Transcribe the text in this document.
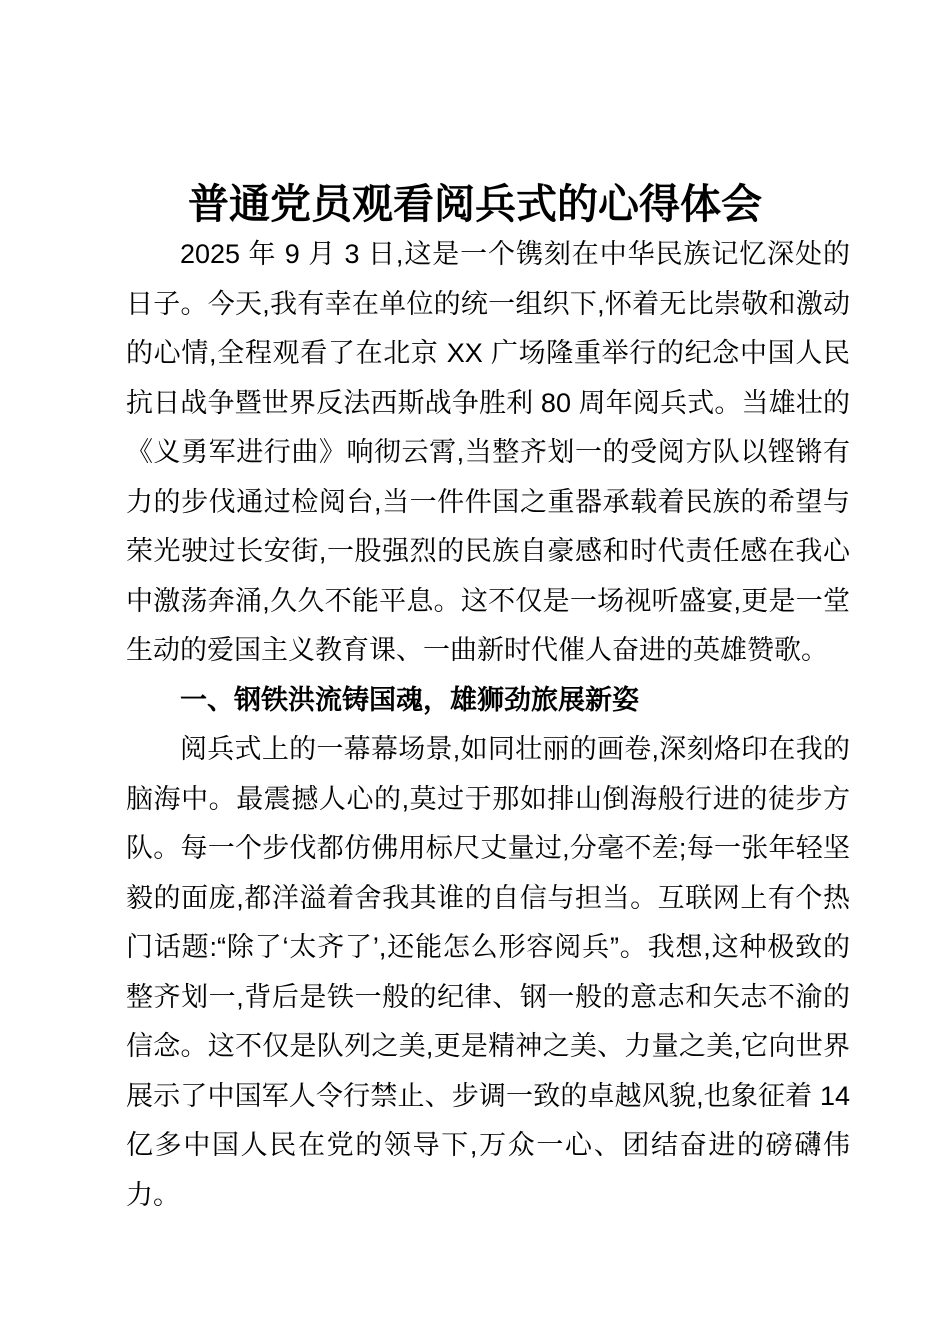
普通党员观看阅兵式的心得体会

2025 年 9 月 3 日,这是一个镌刻在中华民族记忆深处的日子。今天,我有幸在单位的统一组织下,怀着无比崇敬和激动的心情,全程观看了在北京 XX 广场隆重举行的纪念中国人民抗日战争暨世界反法西斯战争胜利 80 周年阅兵式。当雄壮的《义勇军进行曲》响彻云霄,当整齐划一的受阅方队以铿锵有力的步伐通过检阅台,当一件件国之重器承载着民族的希望与荣光驶过长安街,一股强烈的民族自豪感和时代责任感在我心中激荡奔涌,久久不能平息。这不仅是一场视听盛宴,更是一堂生动的爱国主义教育课、一曲新时代催人奋进的英雄赞歌。

一、钢铁洪流铸国魂，雄狮劲旅展新姿

阅兵式上的一幕幕场景,如同壮丽的画卷,深刻烙印在我的脑海中。最震撼人心的,莫过于那如排山倒海般行进的徒步方队。每一个步伐都仿佛用标尺丈量过,分毫不差;每一张年轻坚毅的面庞,都洋溢着舍我其谁的自信与担当。互联网上有个热门话题:“除了‘太齐了’,还能怎么形容阅兵”。我想,这种极致的整齐划一,背后是铁一般的纪律、钢一般的意志和矢志不渝的信念。这不仅是队列之美,更是精神之美、力量之美,它向世界展示了中国军人令行禁止、步调一致的卓越风貌,也象征着 14 亿多中国人民在党的领导下,万众一心、团结奋进的磅礴伟力。
